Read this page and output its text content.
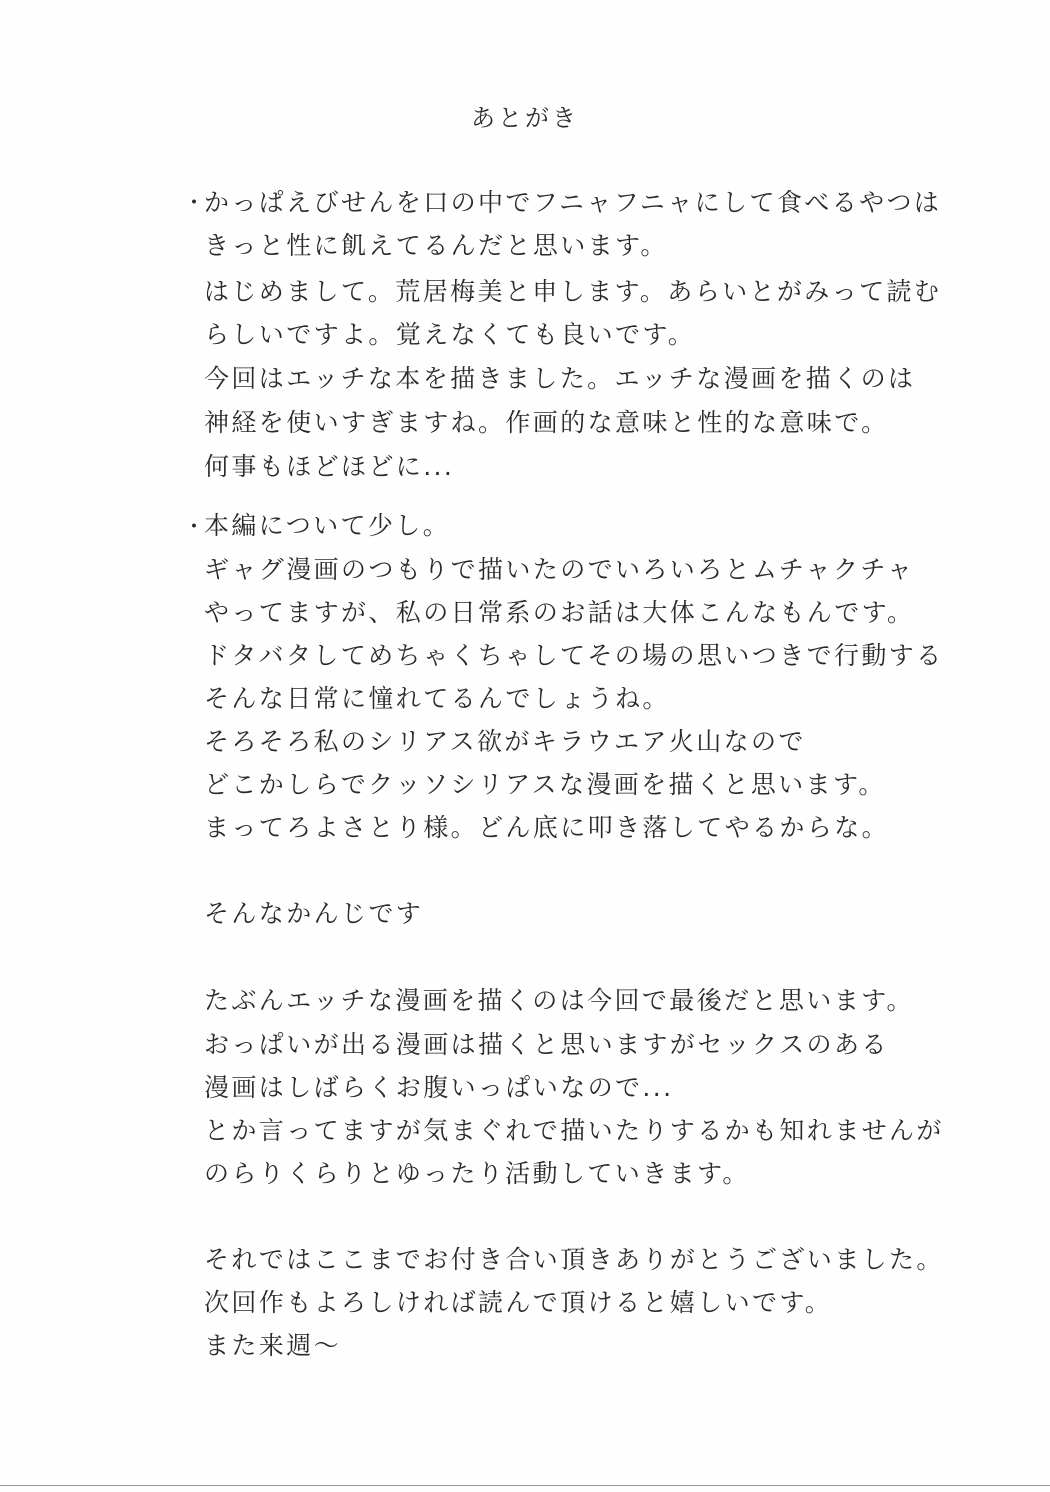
あとがき
・
かっぱえびせんを口の中でフニャフニャにして食べるやつは
きっと性に飢えてるんだと思います。
はじめまして。荒居梅美と申します。あらいとがみって読む
らしいですよ。覚えなくても良いです。
今回はエッチな本を描きました。エッチな漫画を描くのは
神経を使いすぎますね。作画的な意味と性的な意味で。
何事もほどほどに...
・
本編について少し。
ギャグ漫画のつもりで描いたのでいろいろとムチャクチャ
やってますが、私の日常系のお話は大体こんなもんです。
ドタバタしてめちゃくちゃしてその場の思いつきで行動する
そんな日常に憧れてるんでしょうね。
そろそろ私のシリアス欲がキラウエア火山なので
どこかしらでクッソシリアスな漫画を描くと思います。
まってろよさとり様。どん底に叩き落してやるからな。
そんなかんじです
たぶんエッチな漫画を描くのは今回で最後だと思います。
おっぱいが出る漫画は描くと思いますがセックスのある
漫画はしばらくお腹いっぱいなので...
とか言ってますが気まぐれで描いたりするかも知れませんが
のらりくらりとゆったり活動していきます。
それではここまでお付き合い頂きありがとうございました。
次回作もよろしければ読んで頂けると嬉しいです。
また来週～
